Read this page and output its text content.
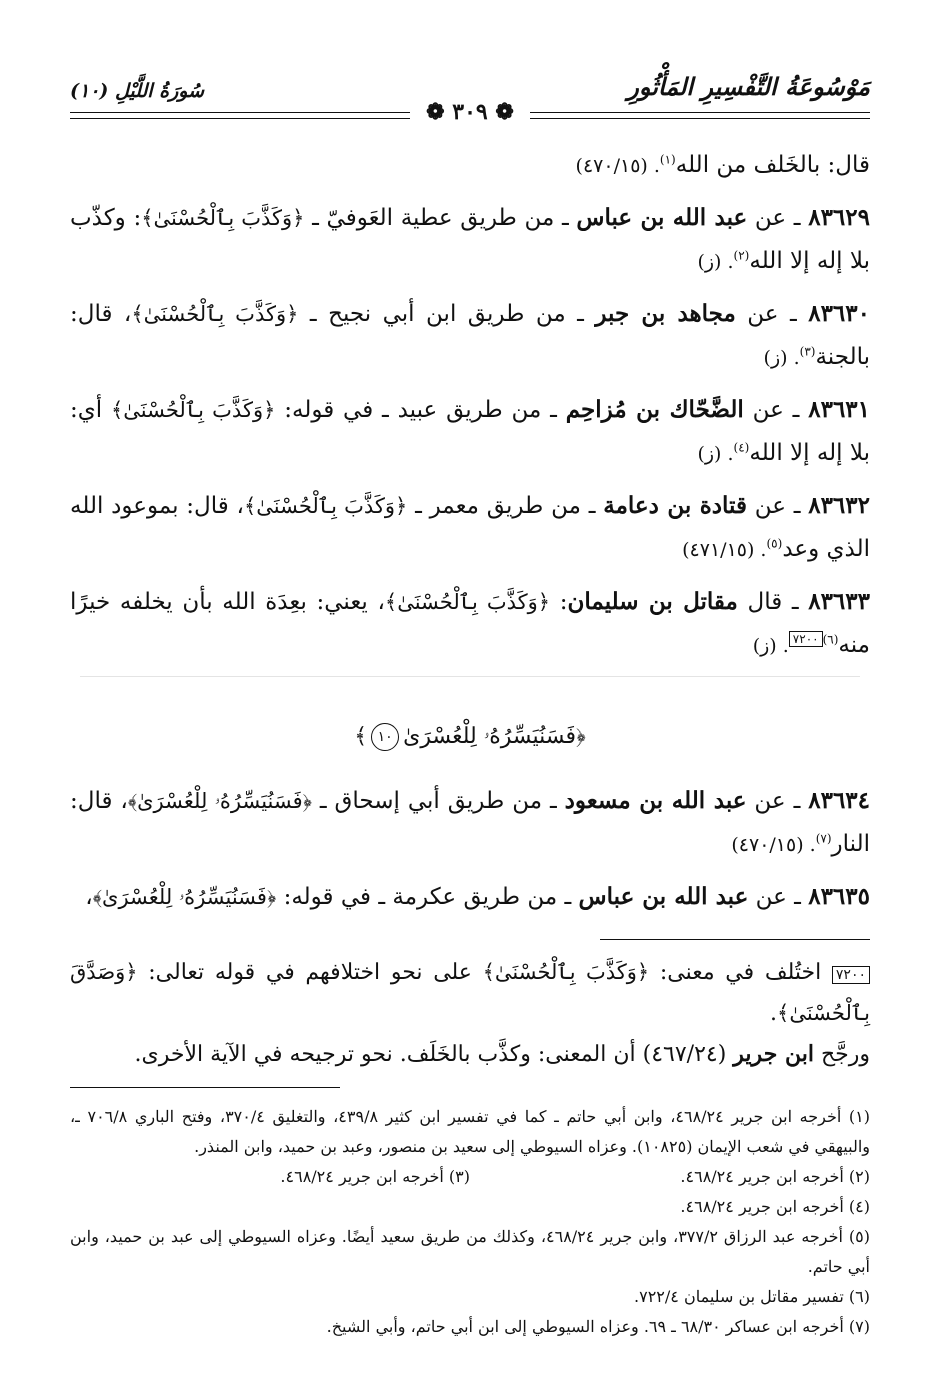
مَوْسُوعَةُ التَّفْسِيرِ المَأْثُورِ
سُورَةُ اللَّيْلِ (١٠)
❁ ٣٠٩ ❁

قال: بالخَلف من الله$^{(١)}$. (٤٧٠/١٥)

٨٣٦٢٩ ـ عن عبد الله بن عباس ـ من طريق عطية العَوفيّ ـ ﴿وَكَذَّبَ بِٱلْحُسْنَىٰ﴾: وكذّب بلا إله إلا الله$^{(٢)}$. (ز)

٨٣٦٣٠ ـ عن مجاهد بن جبر ـ من طريق ابن أبي نجيح ـ ﴿وَكَذَّبَ بِٱلْحُسْنَىٰ﴾، قال: بالجنة$^{(٣)}$. (ز)

٨٣٦٣١ ـ عن الضَّحّاك بن مُزاحِم ـ من طريق عبيد ـ في قوله: ﴿وَكَذَّبَ بِٱلْحُسْنَىٰ﴾ أي: بلا إله إلا الله$^{(٤)}$. (ز)

٨٣٦٣٢ ـ عن قتادة بن دعامة ـ من طريق معمر ـ ﴿وَكَذَّبَ بِٱلْحُسْنَىٰ﴾، قال: بموعود الله الذي وعد$^{(٥)}$. (٤٧١/١٥)

٨٣٦٣٣ ـ قال مقاتل بن سليمان: ﴿وَكَذَّبَ بِٱلْحُسْنَىٰ﴾، يعني: بعِدَة الله بأن يخلفه خيرًا منه$^{(٦)}$٧٢٠٠. (ز)

﴿فَسَنُيَسِّرُهُۥ لِلْعُسْرَىٰ١٠﴾

٨٣٦٣٤ ـ عن عبد الله بن مسعود ـ من طريق أبي إسحاق ـ ﴿فَسَنُيَسِّرُهُۥ لِلْعُسْرَىٰ﴾، قال: النار$^{(٧)}$. (٤٧٠/١٥)

٨٣٦٣٥ ـ عن عبد الله بن عباس ـ من طريق عكرمة ـ في قوله: ﴿فَسَنُيَسِّرُهُۥ لِلْعُسْرَىٰ﴾،

٧٢٠٠ اختُلف في معنى: ﴿وَكَذَّبَ بِٱلْحُسْنَىٰ﴾ على نحو اختلافهم في قوله تعالى: ﴿وَصَدَّقَ بِٱلْحُسْنَىٰ﴾.
ورجَّح ابن جرير (٤٦٧/٢٤) أن المعنى: وكذَّب بالخَلَف. نحو ترجيحه في الآية الأخرى.

(١) أخرجه ابن جرير ٤٦٨/٢٤، وابن أبي حاتم ـ كما في تفسير ابن كثير ٤٣٩/٨، والتغليق ٣٧٠/٤، وفتح الباري ٧٠٦/٨ ـ، والبيهقي في شعب الإيمان (١٠٨٢٥). وعزاه السيوطي إلى سعيد بن منصور، وعبد بن حميد، وابن المنذر.

(٢) أخرجه ابن جرير ٤٦٨/٢٤.

(٣) أخرجه ابن جرير ٤٦٨/٢٤.

(٤) أخرجه ابن جرير ٤٦٨/٢٤.

(٥) أخرجه عبد الرزاق ٣٧٧/٢، وابن جرير ٤٦٨/٢٤، وكذلك من طريق سعيد أيضًا. وعزاه السيوطي إلى عبد بن حميد، وابن أبي حاتم.

(٦) تفسير مقاتل بن سليمان ٧٢٢/٤.

(٧) أخرجه ابن عساكر ٦٨/٣٠ ـ ٦٩. وعزاه السيوطي إلى ابن أبي حاتم، وأبي الشيخ.
